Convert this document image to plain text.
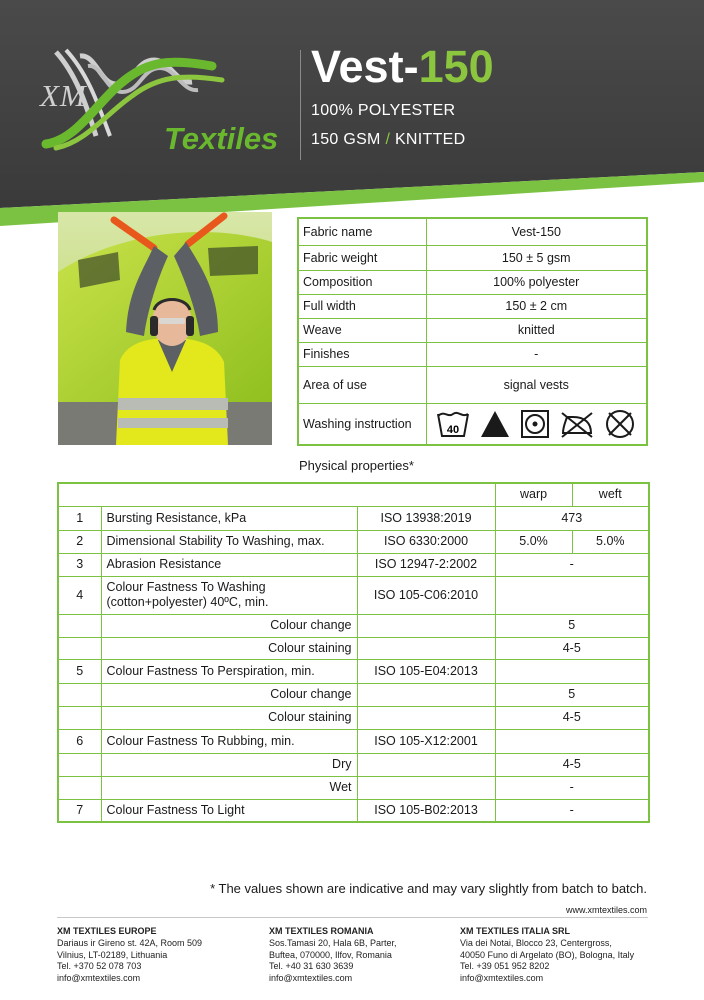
XM
Textiles
Vest-150
100% POLYESTER
150 GSM / KNITTED
Fabric name	Vest-150
Fabric weight	150 ± 5 gsm
Composition	100% polyester
Full width	150 ± 2 cm
Weave	knitted
Finishes	-
Area of use	signal vests
Washing instruction	40
Physical properties*
			warp	weft
1	Bursting Resistance, kPa	ISO 13938:2019	473	
2	Dimensional Stability To Washing, max.	ISO 6330:2000	5.0%	5.0%
3	Abrasion Resistance	ISO 12947-2:2002	-	
4	Colour Fastness To Washing
(cotton+polyester) 40ºC, min.	ISO 105-C06:2010		
	Colour change		5	
	Colour staining		4-5	
5	Colour Fastness To Perspiration, min.	ISO 105-E04:2013		
	Colour change		5	
	Colour staining		4-5	
6	Colour Fastness To Rubbing, min.	ISO 105-X12:2001		
	Dry		4-5	
	Wet		-	
7	Colour Fastness To Light	ISO 105-B02:2013	-	
* The values shown are indicative and may vary slightly from batch to batch.
www.xmtextiles.com
XM TEXTILES EUROPE
Dariaus ir Gireno st. 42A, Room 509
Vilnius, LT-02189, Lithuania
Tel. +370 52 078 703
info@xmtextiles.com
XM TEXTILES ROMANIA
Sos.Tamasi 20, Hala 6B, Parter,
Buftea, 070000, Ilfov, Romania
Tel. +40 31 630 3639
info@xmtextiles.com
XM TEXTILES ITALIA SRL
Via dei Notai, Blocco 23, Centergross,
40050 Funo di Argelato (BO), Bologna, Italy
Tel. +39 051 952 8202
info@xmtextiles.com
